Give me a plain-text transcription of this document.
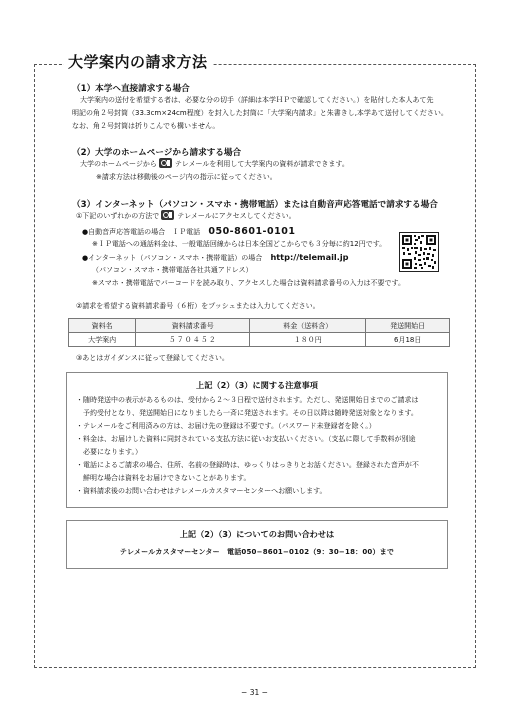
大学案内の請求方法
（1）本学へ直接請求する場合
大学案内の送付を希望する者は、必要な分の切手（詳細は本学ＨＰで確認してください。）を貼付した本人あて先
明記の角２号封筒（33.3cm×24cm程度）を封入した封筒に「大学案内請求」と朱書きし,本学あて送付してください。
なお、角２号封筒は折りこんでも構いません。
（2）大学のホームページから請求する場合
大学のホームページから	テレメールを利用して大学案内の資料が請求できます。
※請求方法は移動後のページ内の指示に従ってください。
（3）インターネット（パソコン・スマホ・携帯電話）または自動音声応答電話で請求する場合
①下記のいずれかの方法で	テレメールにアクセスしてください。
●自動音声応答電話の場合　ＩＰ電話 050-8601-0101
※ＩＰ電話への通話料金は、一般電話回線からは日本全国どこからでも３分毎に約12円です。
●インターネット（パソコン・スマホ・携帯電話）の場合 http://telemail.jp
（パソコン・スマホ・携帯電話各社共通アドレス）
※スマホ・携帯電話でバーコードを読み取り、アクセスした場合は資料請求番号の入力は不要です。
②請求を希望する資料請求番号（６桁）をプッシュまたは入力してください。
資料名	資料請求番号	料金（送料含）	発送開始日
大学案内	５７０４５２	１８０円	6月18日
③あとはガイダンスに従って登録してください。
上記（2）（3）に関する注意事項
・随時発送中の表示があるものは、受付から２〜３日程で送付されます。ただし、発送開始日までのご請求は
　予約受付となり、発送開始日になりましたら一斉に発送されます。その日以降は随時発送対象となります。
・テレメールをご利用済みの方は、お届け先の登録は不要です。（パスワード未登録者を除く。）
・料金は、お届けした資料に同封されている支払方法に従いお支払いください。（支払に際して手数料が別途
　必要になります。）
・電話によるご請求の場合、住所、名前の登録時は、ゆっくりはっきりとお話ください。登録された音声が不
　鮮明な場合は資料をお届けできないことがあります。
・資料請求後のお問い合わせはテレメールカスタマーセンターへお願いします。
上記（2）（3）についてのお問い合わせは
テレメールカスタマーセンター　電話050−8601−0102（9：30−18：00）まで
− 31 −
